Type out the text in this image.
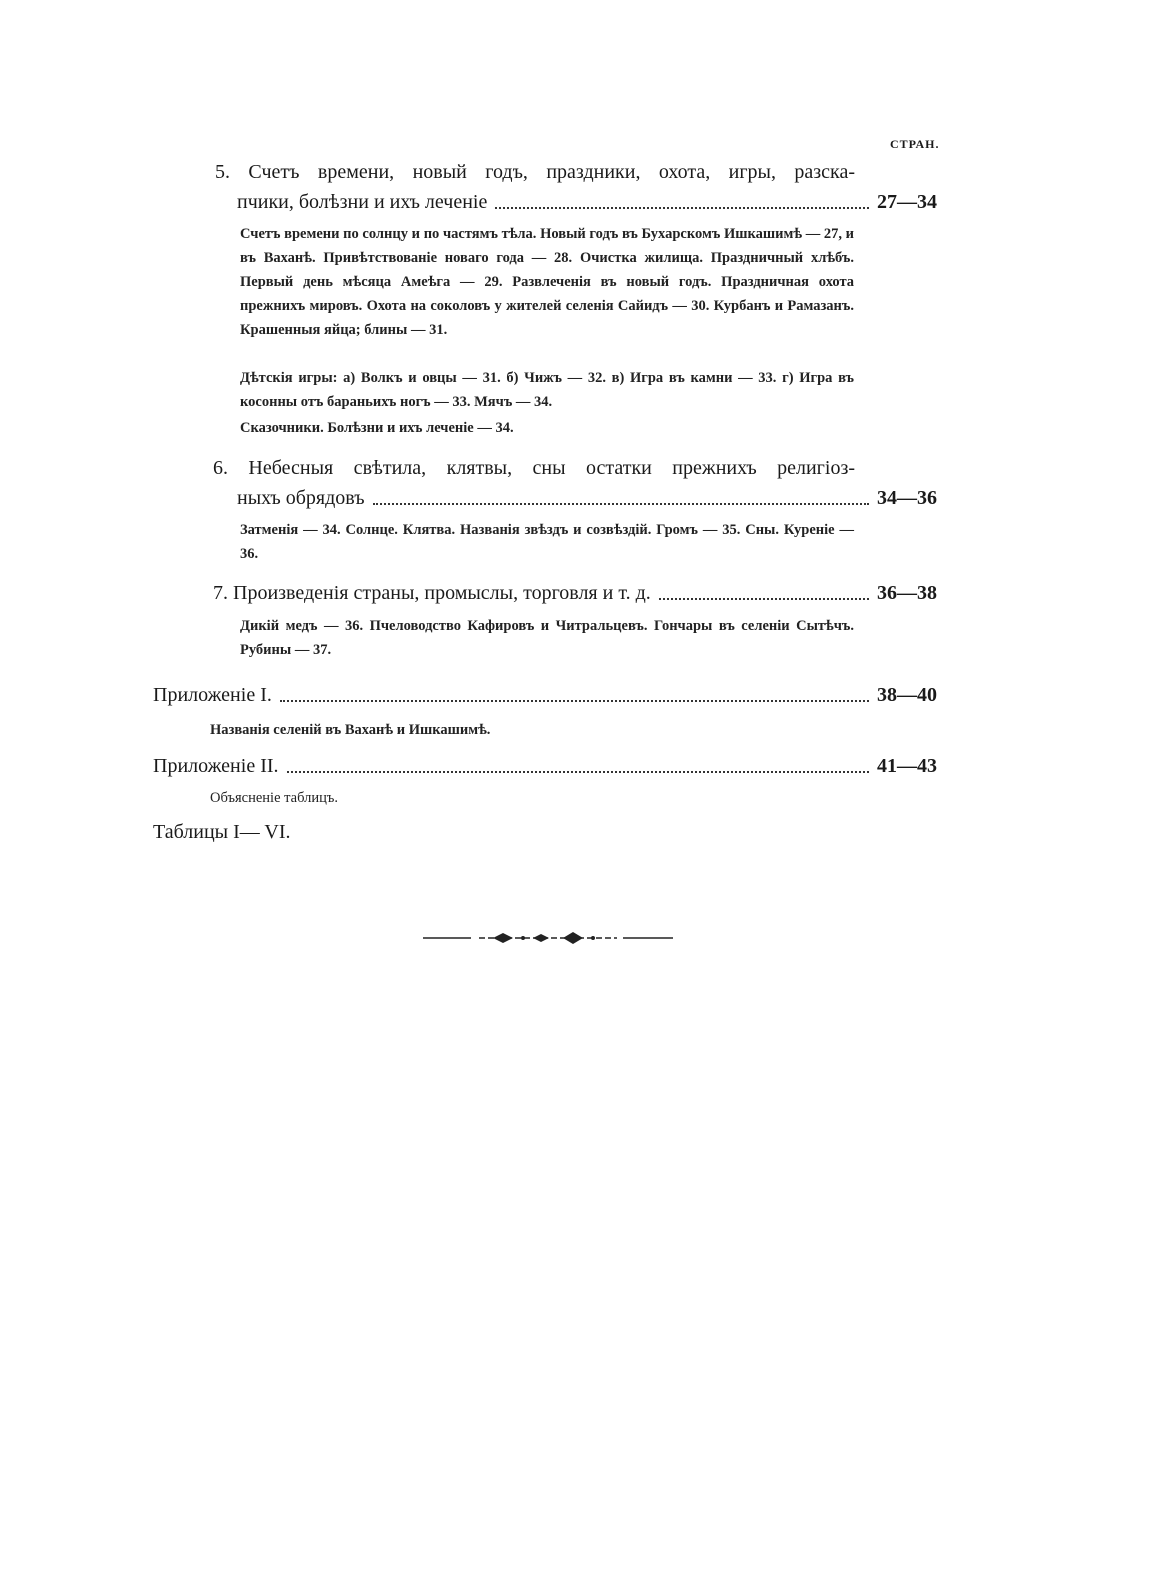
СТРАН.
5. Счетъ времени, новый годъ, праздники, охота, игры, разска-
пчики, болѣзни и ихъ леченіе	27—34
Счетъ времени по солнцу и по частямъ тѣла. Новый годъ въ Бухарскомъ Ишкашимѣ — 27, и въ Ваханѣ. Привѣтствованіе новаго года — 28. Очистка жилища. Праздничный хлѣбъ. Первый день мѣсяца Амеѣга — 29. Развлеченія въ новый годъ. Праздничная охота прежнихъ мировъ. Охота на соколовъ у жителей селенія Сайидъ — 30. Курбанъ и Рамазанъ. Крашенныя яйца; блины — 31.
Дѣтскія игры: а) Волкъ и овцы — 31. б) Чижъ — 32. в) Игра въ камни — 33. г) Игра въ косонны отъ бараньихъ ногъ — 33. Мячъ — 34.
Сказочники. Болѣзни и ихъ леченіе — 34.
6. Небесныя свѣтила, клятвы, сны остатки прежнихъ религіоз-
ныхъ обрядовъ	34—36
Затменія — 34. Солнце. Клятва. Названія звѣздъ и созвѣздій. Громъ — 35. Сны. Куреніе — 36.
7. Произведенія страны, промыслы, торговля и т. д.	36—38
Дикій медъ — 36. Пчеловодство Кафировъ и Читральцевъ. Гончары въ селеніи Сытѣчъ. Рубины — 37.
Приложеніе I.	38—40
Названія селеній въ Ваханѣ и Ишкашимѣ.
Приложеніе II.	41—43
Объясненіе таблицъ.
Таблицы I— VI.
